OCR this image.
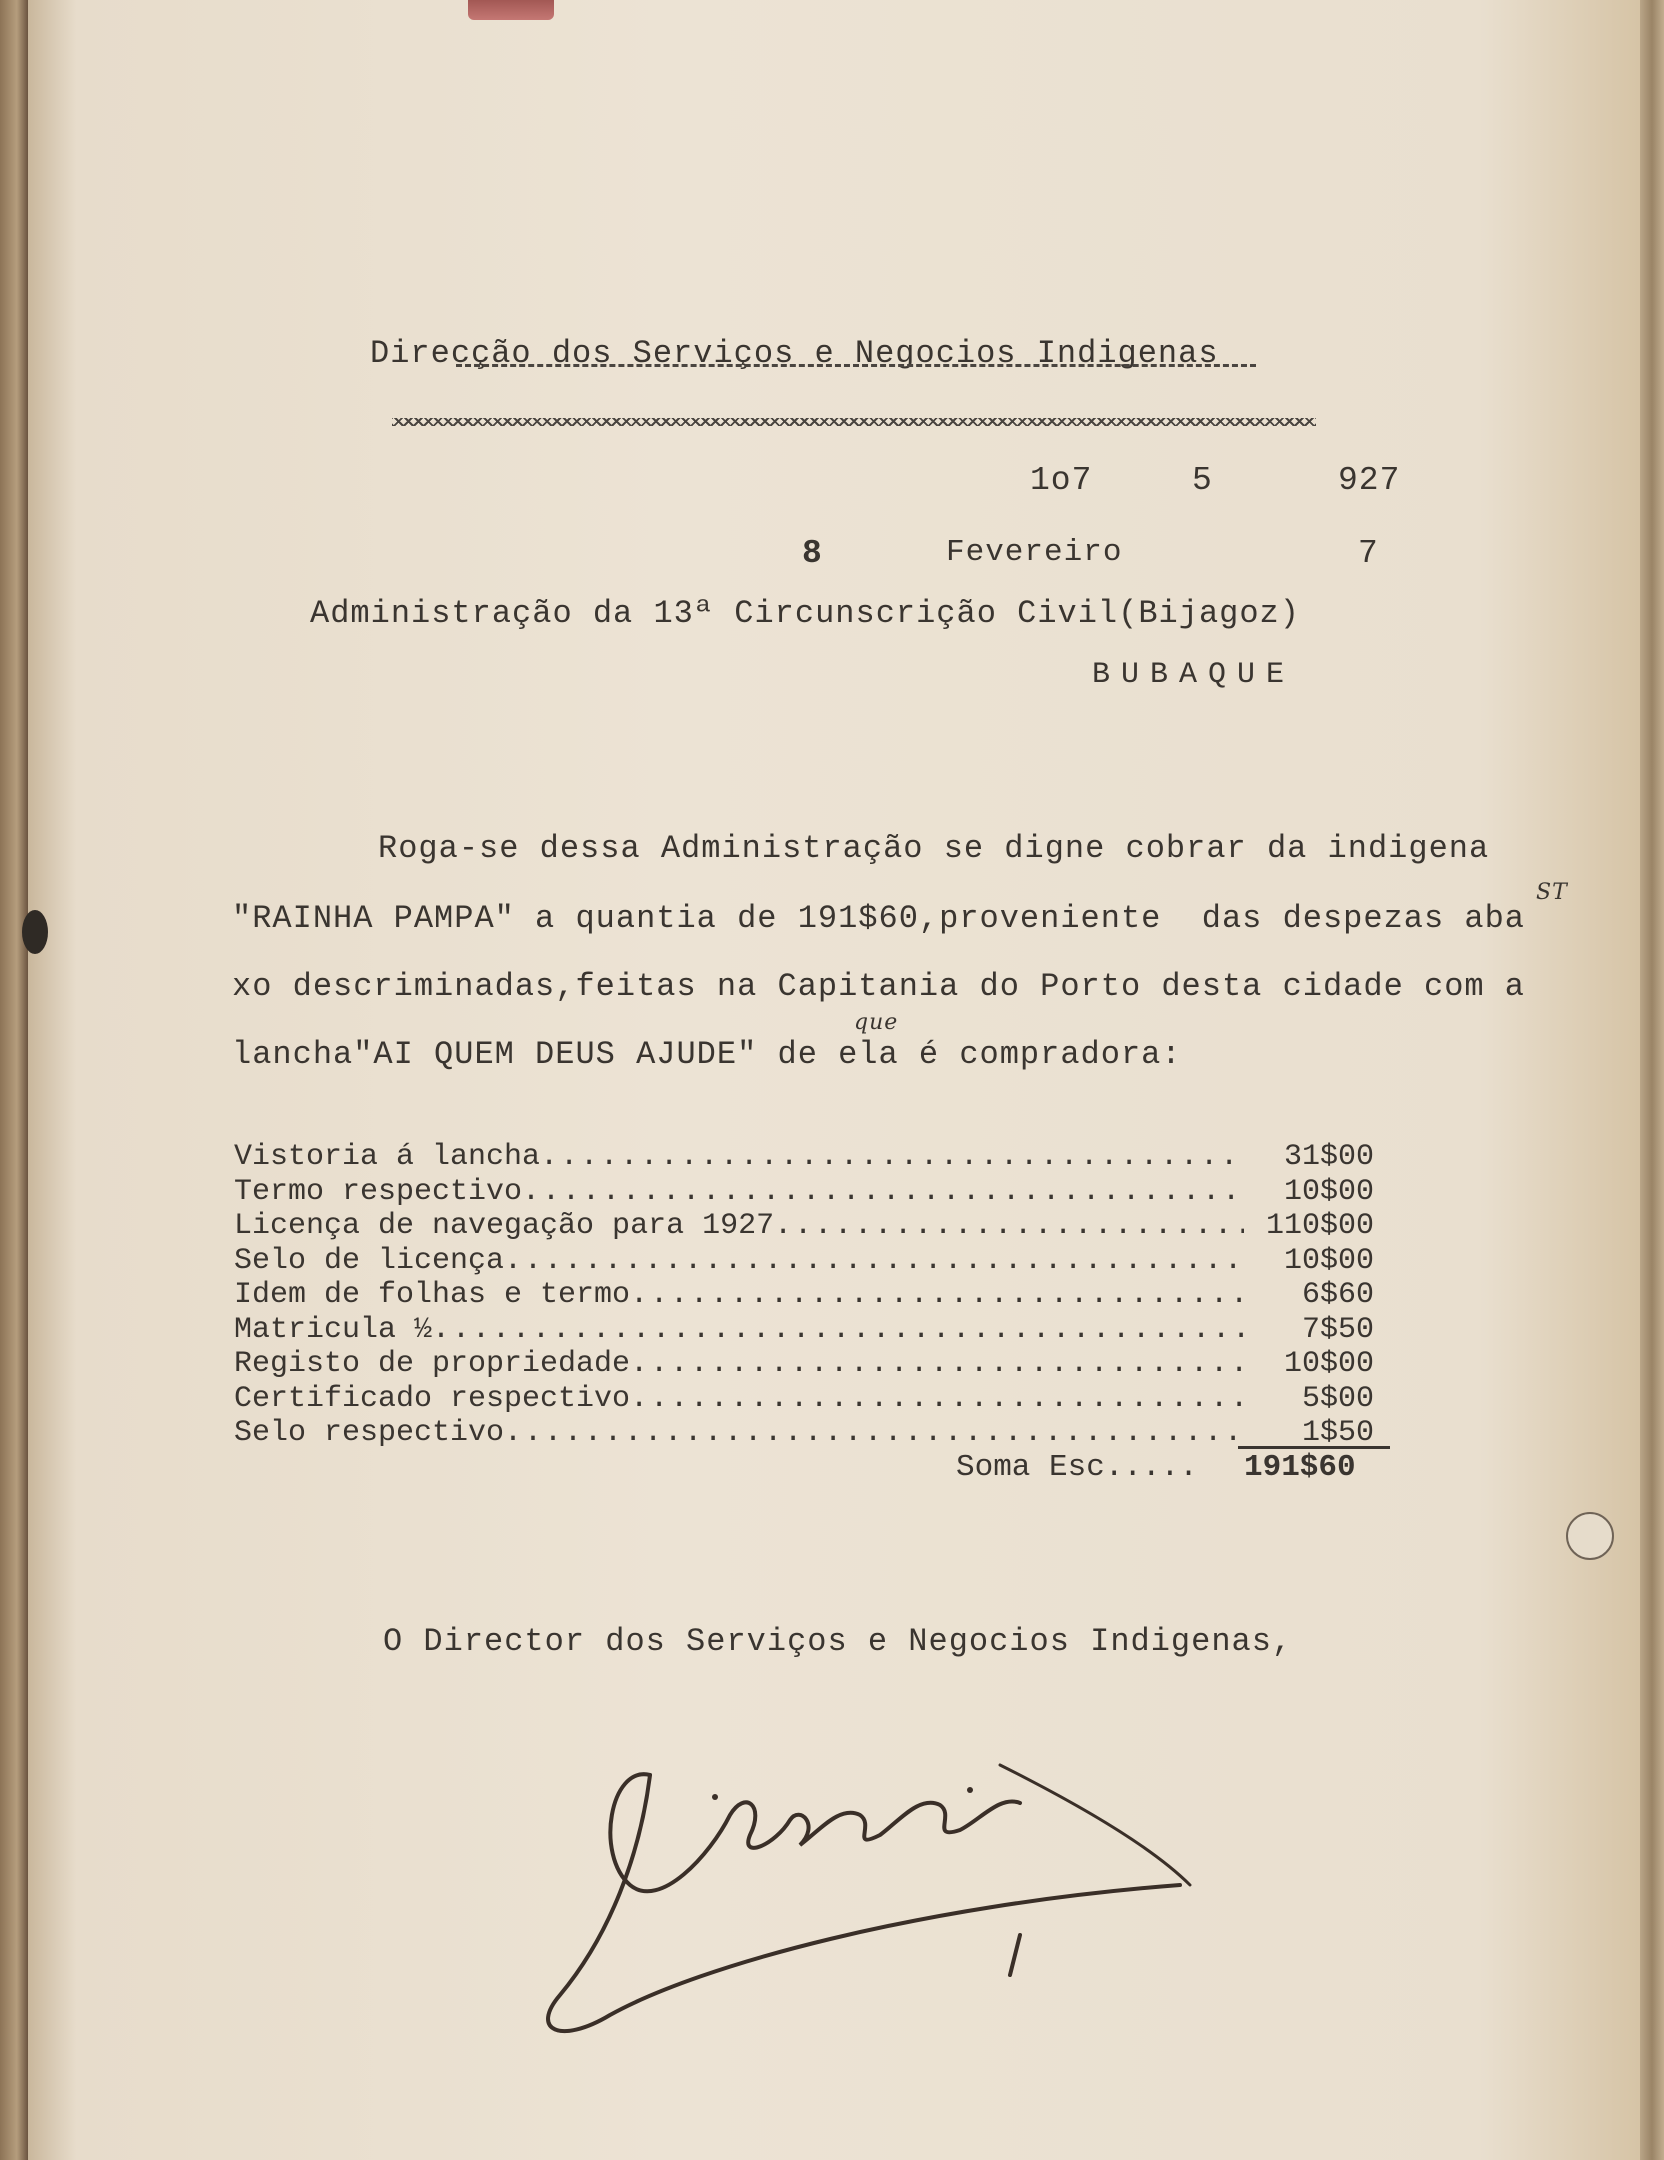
Direcção dos Serviços e Negocios Indigenas
1o7	5	927
8	Fevereiro	7
Administração da 13ª Circunscrição Civil(Bijagoz)
BUBAQUE
Roga-se dessa Administração se digne cobrar da indigena
"RAINHA PAMPA" a quantia de 191$60,proveniente  das despezas aba
ST
xo descriminadas,feitas na Capitania do Porto desta cidade com a
que
lancha"AI QUEM DEUS AJUDE" de ela é compradora:
Vistoria á lancha .....	31$00
Termo respectivo .....	10$00
Licença de navegação para 1927 .....	110$00
Selo de licença .....	10$00
Idem de folhas e termo .....	6$60
Matricula ½ .....	7$50
Registo de propriedade .....	10$00
Certificado respectivo .....	5$00
Selo respectivo .....	1$50
Soma Esc..... 191$60
O Director dos Serviços e Negocios Indigenas,
